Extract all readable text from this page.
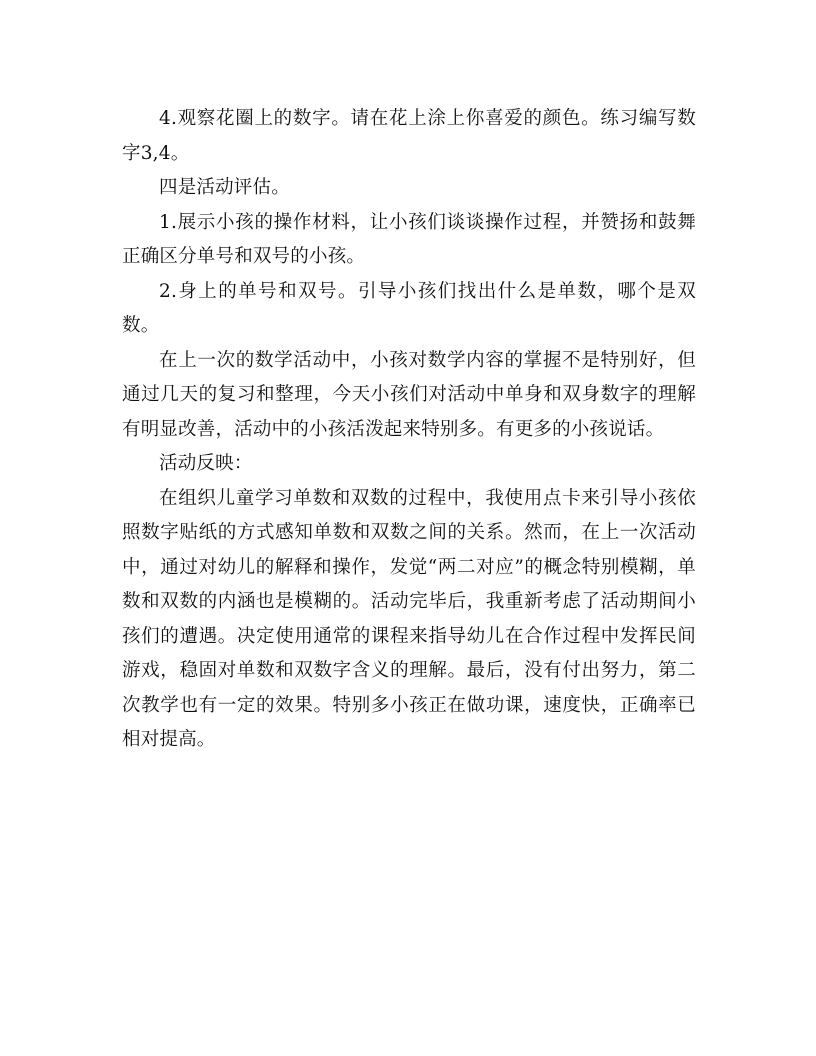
4.观察花圈上的数字。请在花上涂上你喜爱的颜色。练习编写数字3,4。

四是活动评估。

1.展示小孩的操作材料，让小孩们谈谈操作过程，并赞扬和鼓舞正确区分单号和双号的小孩。

2.身上的单号和双号。引导小孩们找出什么是单数，哪个是双数。

在上一次的数学活动中，小孩对数学内容的掌握不是特别好，但通过几天的复习和整理，今天小孩们对活动中单身和双身数字的理解有明显改善，活动中的小孩活泼起来特别多。有更多的小孩说话。

活动反映：

在组织儿童学习单数和双数的过程中，我使用点卡来引导小孩依照数字贴纸的方式感知单数和双数之间的关系。然而，在上一次活动中，通过对幼儿的解释和操作，发觉“两二对应”的概念特别模糊，单数和双数的内涵也是模糊的。活动完毕后，我重新考虑了活动期间小孩们的遭遇。决定使用通常的课程来指导幼儿在合作过程中发挥民间游戏，稳固对单数和双数字含义的理解。最后，没有付出努力，第二次教学也有一定的效果。特别多小孩正在做功课，速度快，正确率已相对提高。
